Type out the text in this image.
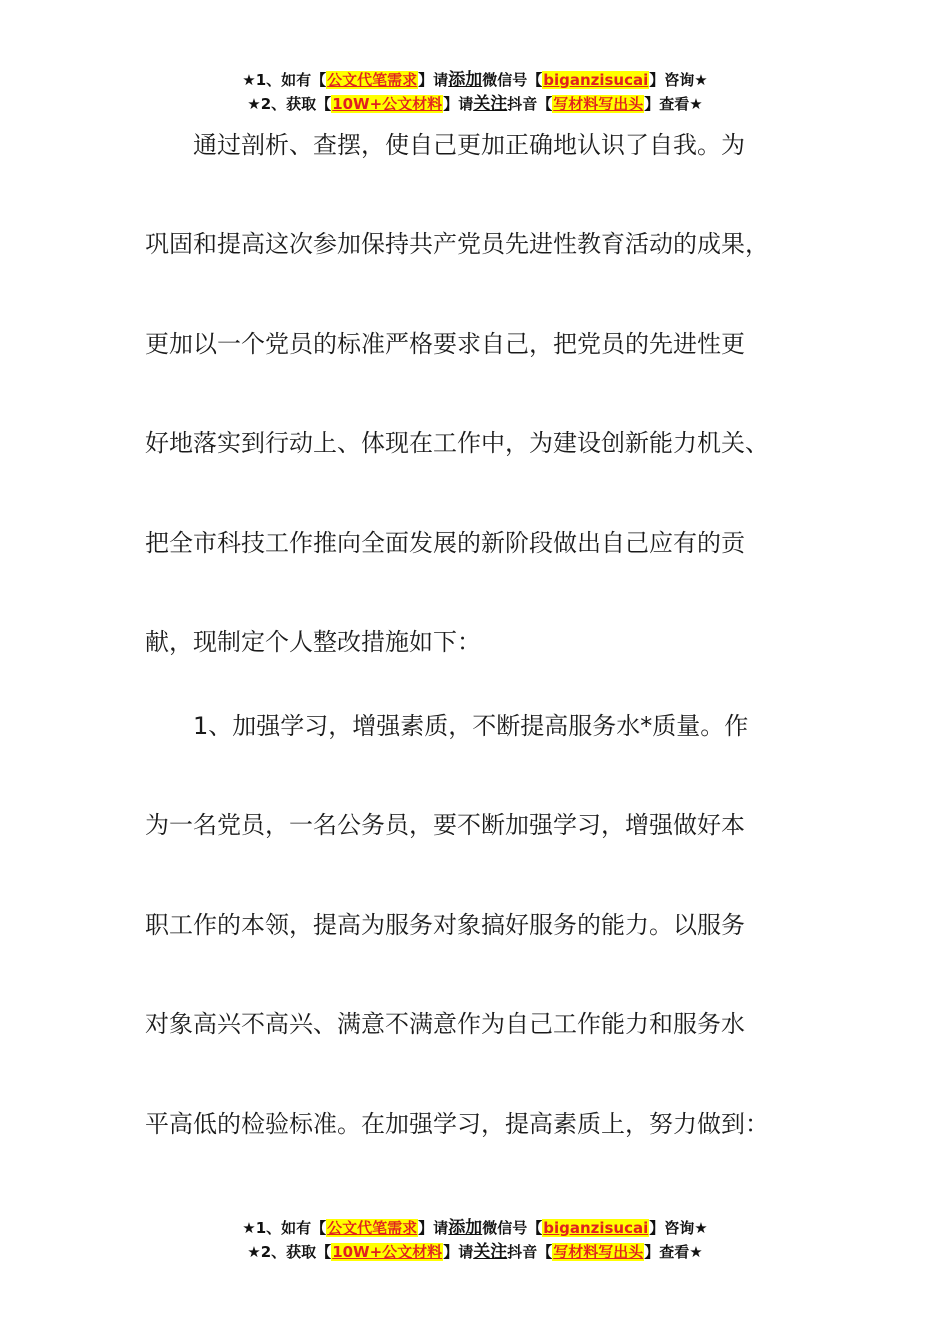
★1、如有【公文代笔需求】请添加微信号【biganzisucai】咨询★
★2、获取【10W+公文材料】请关注抖音【写材料写出头】查看★
通过剖析、查摆，使自己更加正确地认识了自我。为
巩固和提高这次参加保持共产党员先进性教育活动的成果，
更加以一个党员的标准严格要求自己，把党员的先进性更
好地落实到行动上、体现在工作中，为建设创新能力机关、
把全市科技工作推向全面发展的新阶段做出自己应有的贡
献，现制定个人整改措施如下：
1、加强学习，增强素质，不断提高服务水*质量。作
为一名党员，一名公务员，要不断加强学习，增强做好本
职工作的本领，提高为服务对象搞好服务的能力。以服务
对象高兴不高兴、满意不满意作为自己工作能力和服务水
平高低的检验标准。在加强学习，提高素质上，努力做到：
★1、如有【公文代笔需求】请添加微信号【biganzisucai】咨询★
★2、获取【10W+公文材料】请关注抖音【写材料写出头】查看★
